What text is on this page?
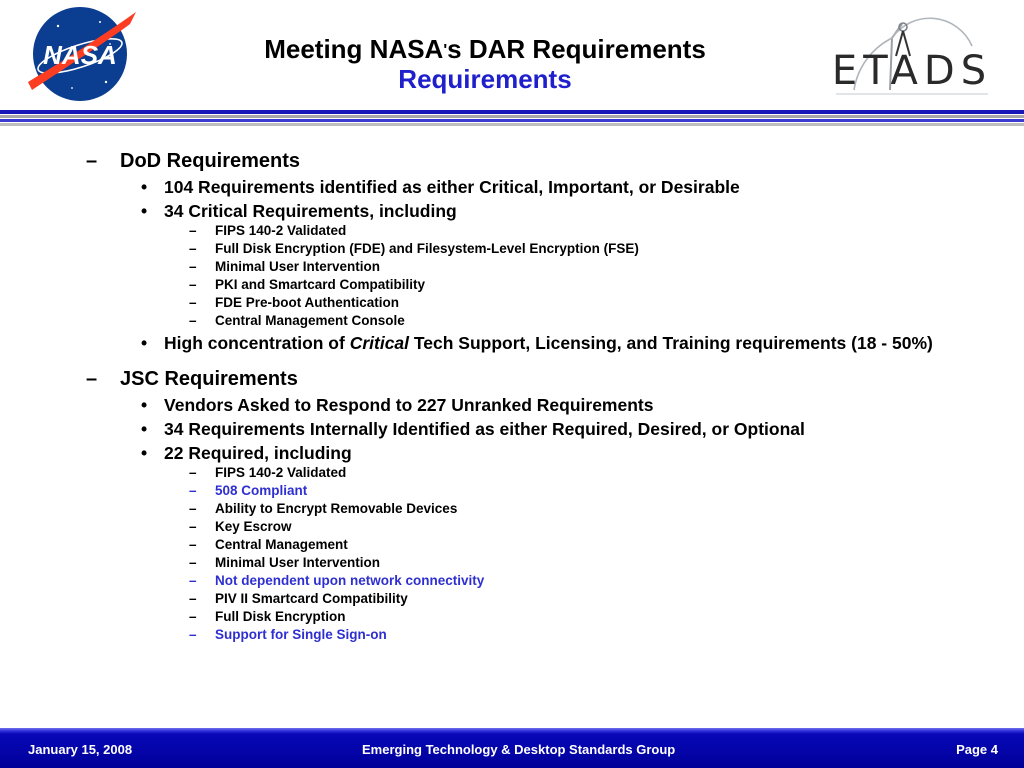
NASA	Meeting NASA's DAR Requirements
Requirements	ETADS
– DoD Requirements
• 104 Requirements identified as either Critical, Important, or Desirable
• 34 Critical Requirements, including
– FIPS 140-2 Validated
– Full Disk Encryption (FDE) and Filesystem-Level Encryption (FSE)
– Minimal User Intervention
– PKI and Smartcard Compatibility
– FDE Pre-boot Authentication
– Central Management Console
• High concentration of Critical Tech Support, Licensing, and Training requirements (18 - 50%)
– JSC Requirements
• Vendors Asked to Respond to 227 Unranked Requirements
• 34 Requirements Internally Identified as either Required, Desired, or Optional
• 22 Required, including
– FIPS 140-2 Validated
– 508 Compliant
– Ability to Encrypt Removable Devices
– Key Escrow
– Central Management
– Minimal User Intervention
– Not dependent upon network connectivity
– PIV II Smartcard Compatibility
– Full Disk Encryption
– Support for Single Sign-on
January 15, 2008	Emerging Technology & Desktop Standards Group	Page 4
